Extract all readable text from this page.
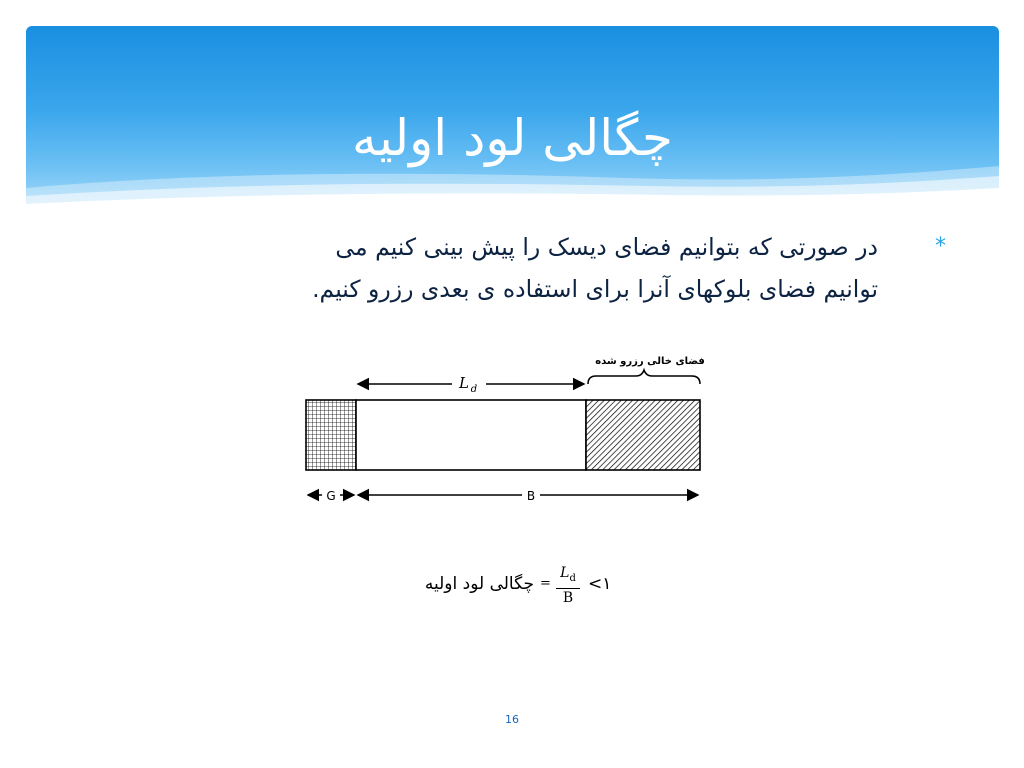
چگالی لود اولیه
*
در صورتی که بتوانیم فضای دیسک را پیش بینی کنیم می
توانیم فضای بلوکهای آنرا برای استفاده ی بعدی رزرو کنیم.
فضای خالی رزرو شده
L d
G	B
چگالی لود اولیه = $\frac{L_d}{B}$ <۱
16
